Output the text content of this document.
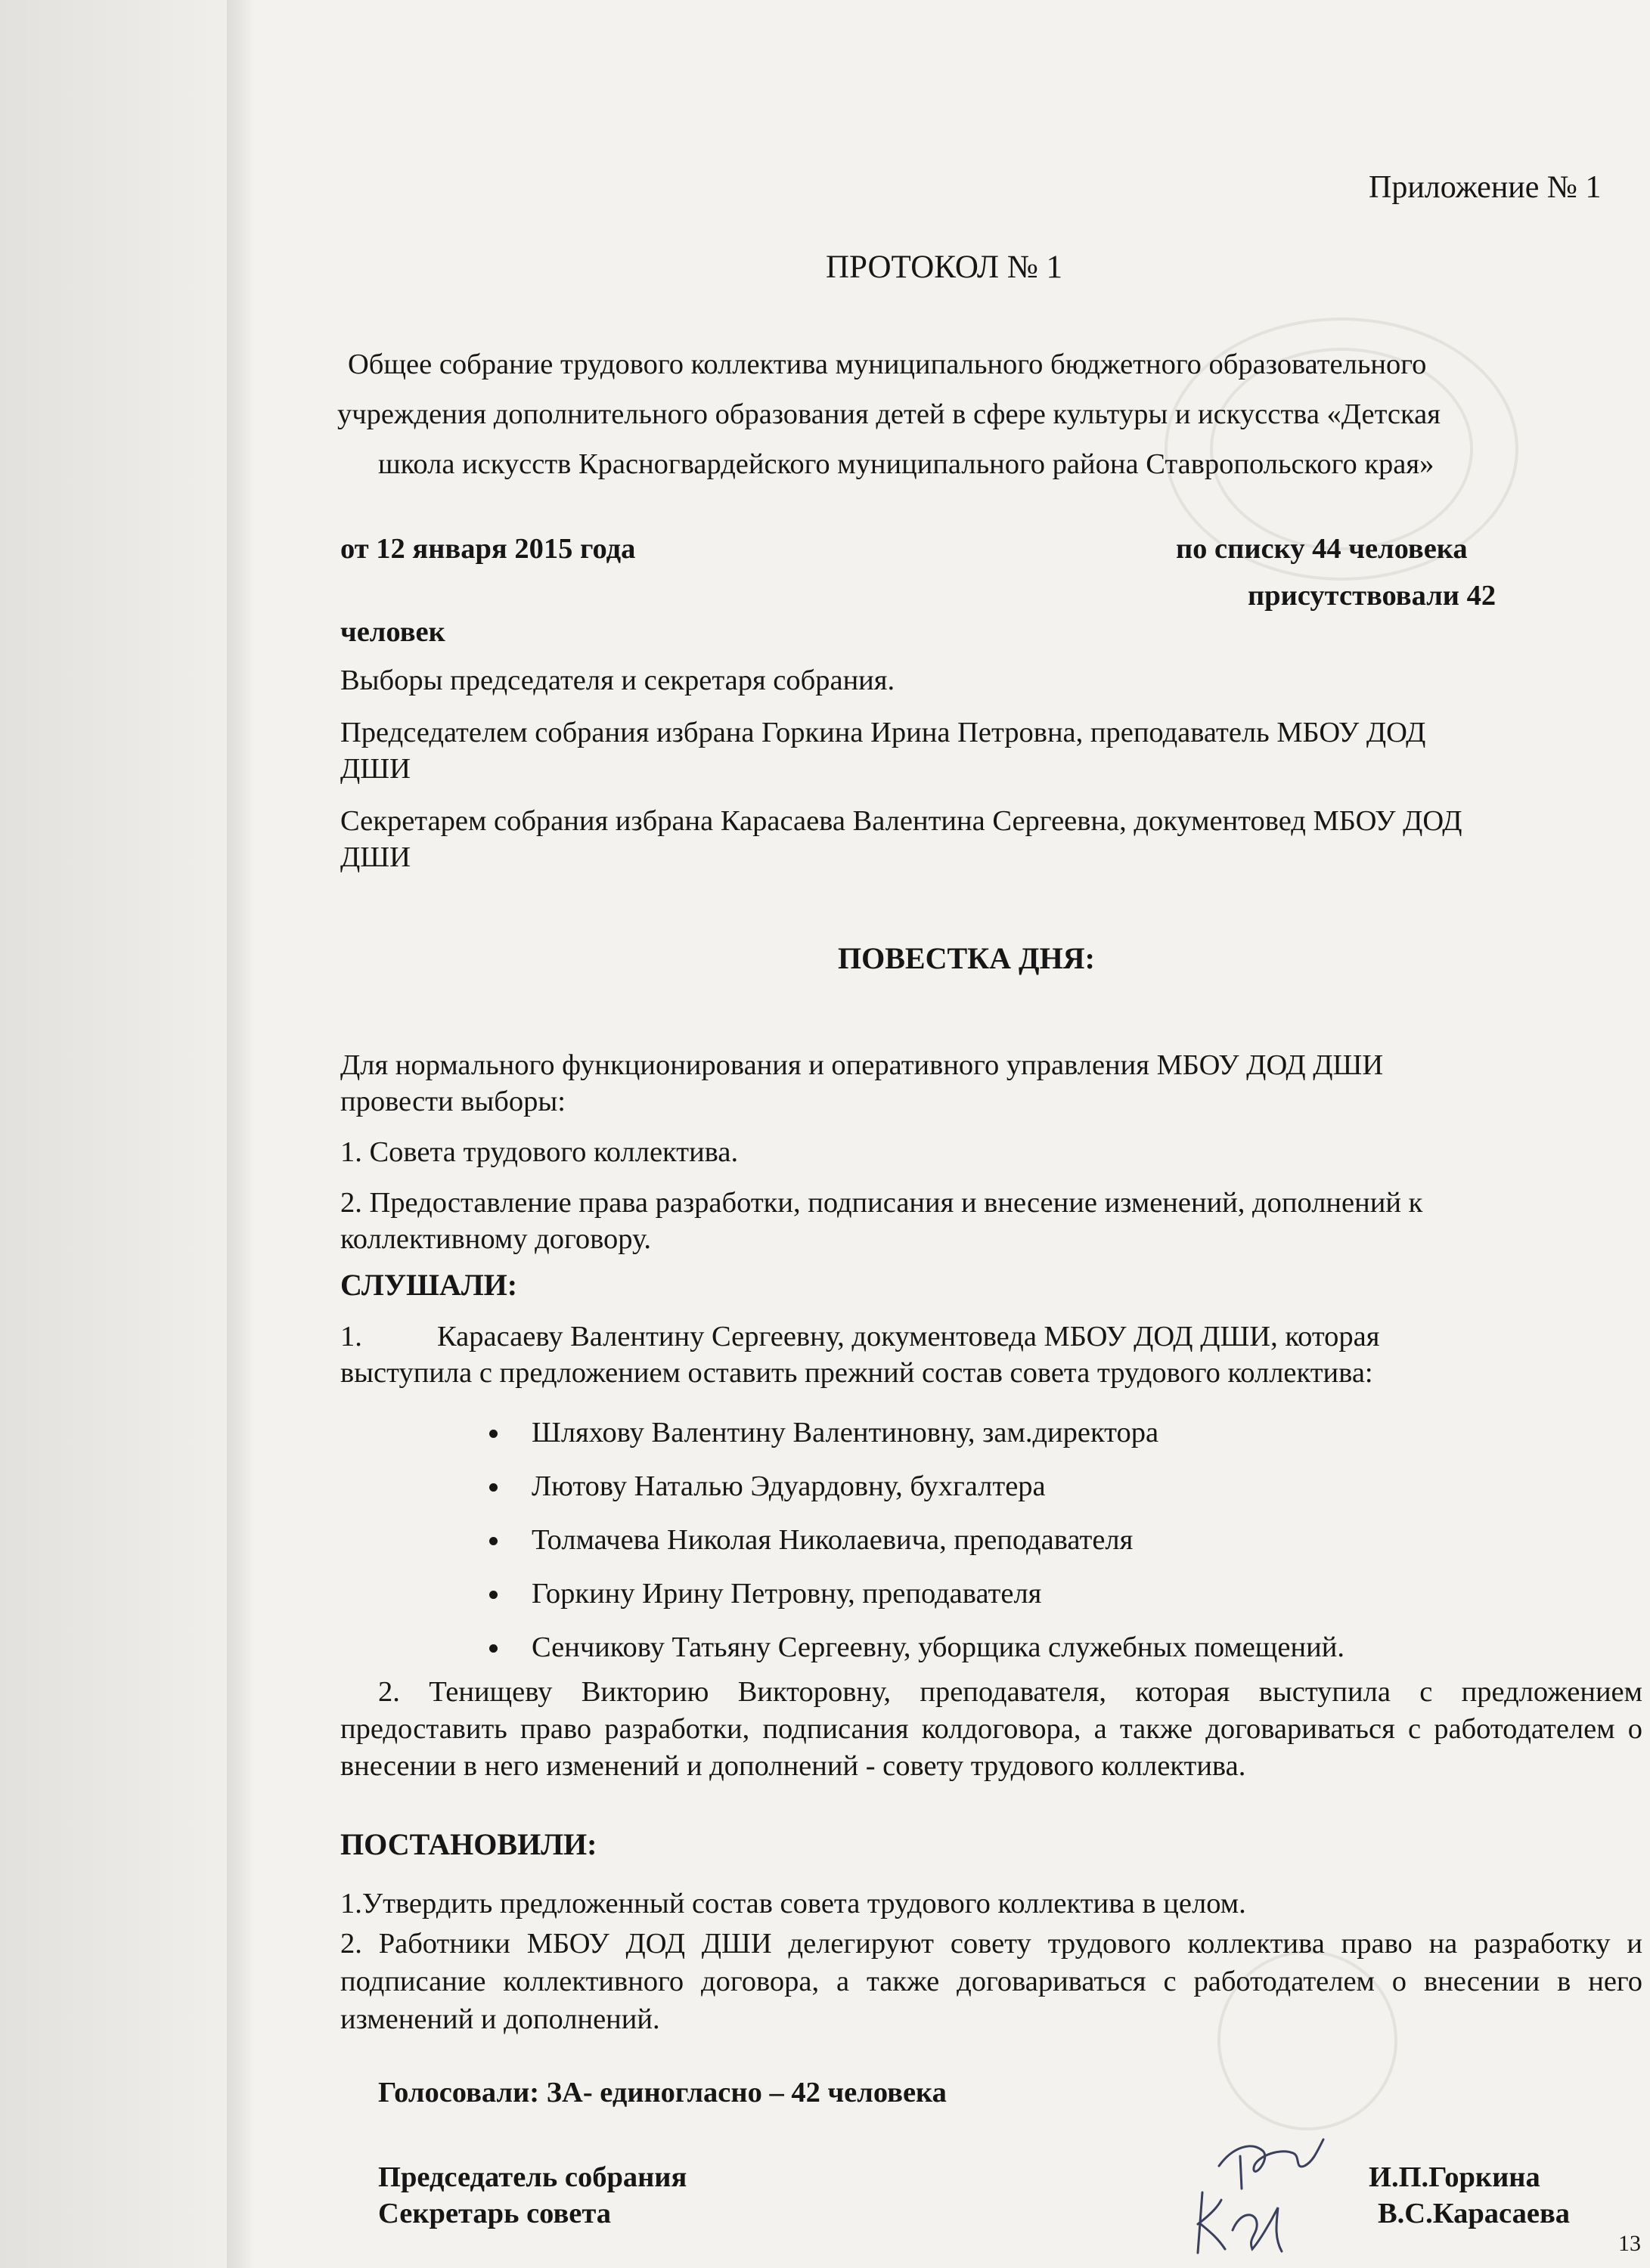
Приложение № 1
ПРОТОКОЛ № 1
Общее собрание трудового коллектива муниципального бюджетного образовательного
учреждения дополнительного образования детей в сфере культуры и искусства «Детская
школа искусств Красногвардейского муниципального района Ставропольского края»
от 12 января 2015 года	по списку 44 человека
присутствовали 42
человек
Выборы председателя и секретаря собрания.
Председателем собрания избрана Горкина Ирина Петровна, преподаватель МБОУ ДОД
ДШИ
Секретарем собрания избрана Карасаева Валентина Сергеевна, документовед МБОУ ДОД
ДШИ
ПОВЕСТКА ДНЯ:
Для нормального функционирования и оперативного управления МБОУ ДОД ДШИ
провести выборы:
1. Совета трудового коллектива.
2. Предоставление права разработки, подписания и внесение изменений, дополнений к
коллективному договору.
СЛУШАЛИ:
1.	Карасаеву Валентину Сергеевну, документоведа МБОУ ДОД ДШИ, которая
выступила с предложением оставить прежний состав совета трудового коллектива:
Шляхову Валентину Валентиновну, зам.директора
Лютову Наталью Эдуардовну, бухгалтера
Толмачева Николая Николаевича, преподавателя
Горкину Ирину Петровну, преподавателя
Сенчикову Татьяну Сергеевну, уборщика служебных помещений.
2. Тенищеву Викторию Викторовну, преподавателя, которая выступила с предложением предоставить право разработки, подписания колдоговора, а также договариваться с работодателем о внесении в него изменений и дополнений - совету трудового коллектива.
ПОСТАНОВИЛИ:
1.Утвердить предложенный состав совета трудового коллектива в целом.
2. Работники МБОУ ДОД ДШИ делегируют совету трудового коллектива право на разработку и подписание коллективного договора, а также договариваться с работодателем о внесении в него изменений и дополнений.
Голосовали: ЗА- единогласно – 42 человека
Председатель собрания	И.П.Горкина
Секретарь совета	В.С.Карасаева
13
